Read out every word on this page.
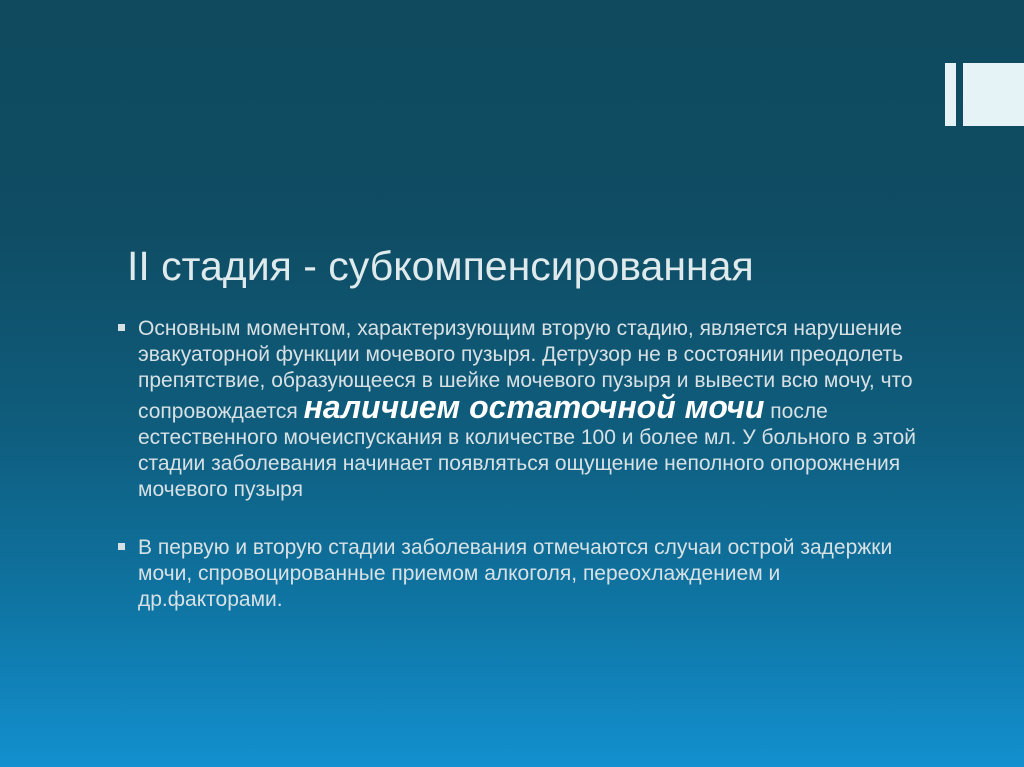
II стадия - субкомпенсированная
Основным моментом, характеризующим вторую стадию, является нарушение эвакуаторной функции мочевого пузыря. Детрузор не в состоянии преодолеть препятствие, образующееся в шейке мочевого пузыря и вывести всю мочу, что сопровождается наличием остаточной мочи после естественного мочеиспускания в количестве 100 и более мл. У больного в этой стадии заболевания начинает появляться ощущение неполного опорожнения мочевого пузыря
В первую и вторую стадии заболевания отмечаются случаи острой задержки мочи, спровоцированные приемом алкоголя, переохлаждением и др.факторами.
